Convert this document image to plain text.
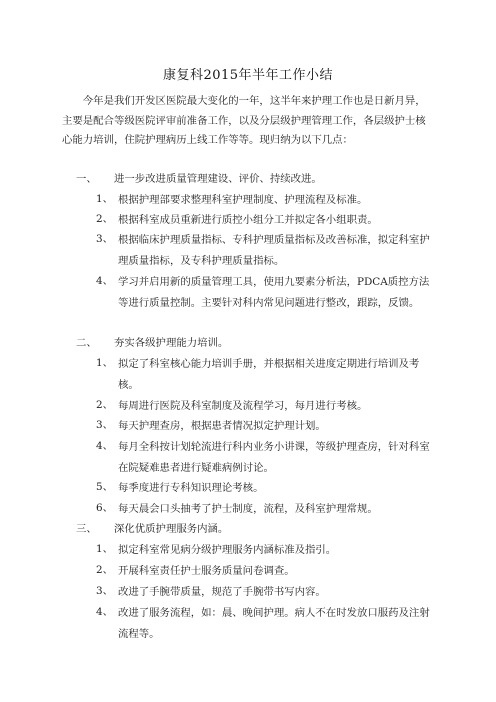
康复科2015年半年工作小结

今年是我们开发区医院最大变化的一年，这半年来护理工作也是日新月异，主要是配合等级医院评审前准备工作，以及分层级护理管理工作，各层级护士核心能力培训，住院护理病历上线工作等等。现归纳为以下几点：

一、 进一步改进质量管理建设、评价、持续改进。
1、 根据护理部要求整理科室护理制度、护理流程及标准。
2、 根据科室成员重新进行质控小组分工并拟定各小组职责。
3、 根据临床护理质量指标、专科护理质量指标及改善标准，拟定科室护理质量指标，及专科护理质量指标。
4、 学习并启用新的质量管理工具，使用九要素分析法，PDCA质控方法等进行质量控制。主要针对科内常见问题进行整改，跟踪，反馈。
二、 夯实各级护理能力培训。
1、 拟定了科室核心能力培训手册，并根据相关进度定期进行培训及考核。
2、 每周进行医院及科室制度及流程学习，每月进行考核。
3、 每天护理查房，根据患者情况拟定护理计划。
4、 每月全科按计划轮流进行科内业务小讲课，等级护理查房，针对科室在院疑难患者进行疑难病例讨论。
5、 每季度进行专科知识理论考核。
6、 每天晨会口头抽考了护士制度，流程，及科室护理常规。
三、 深化优质护理服务内涵。
1、 拟定科室常见病分级护理服务内涵标准及指引。
2、 开展科室责任护士服务质量问卷调查。
3、 改进了手腕带质量，规范了手腕带书写内容。
4、 改进了服务流程，如：晨、晚间护理。病人不在时发放口服药及注射流程等。
